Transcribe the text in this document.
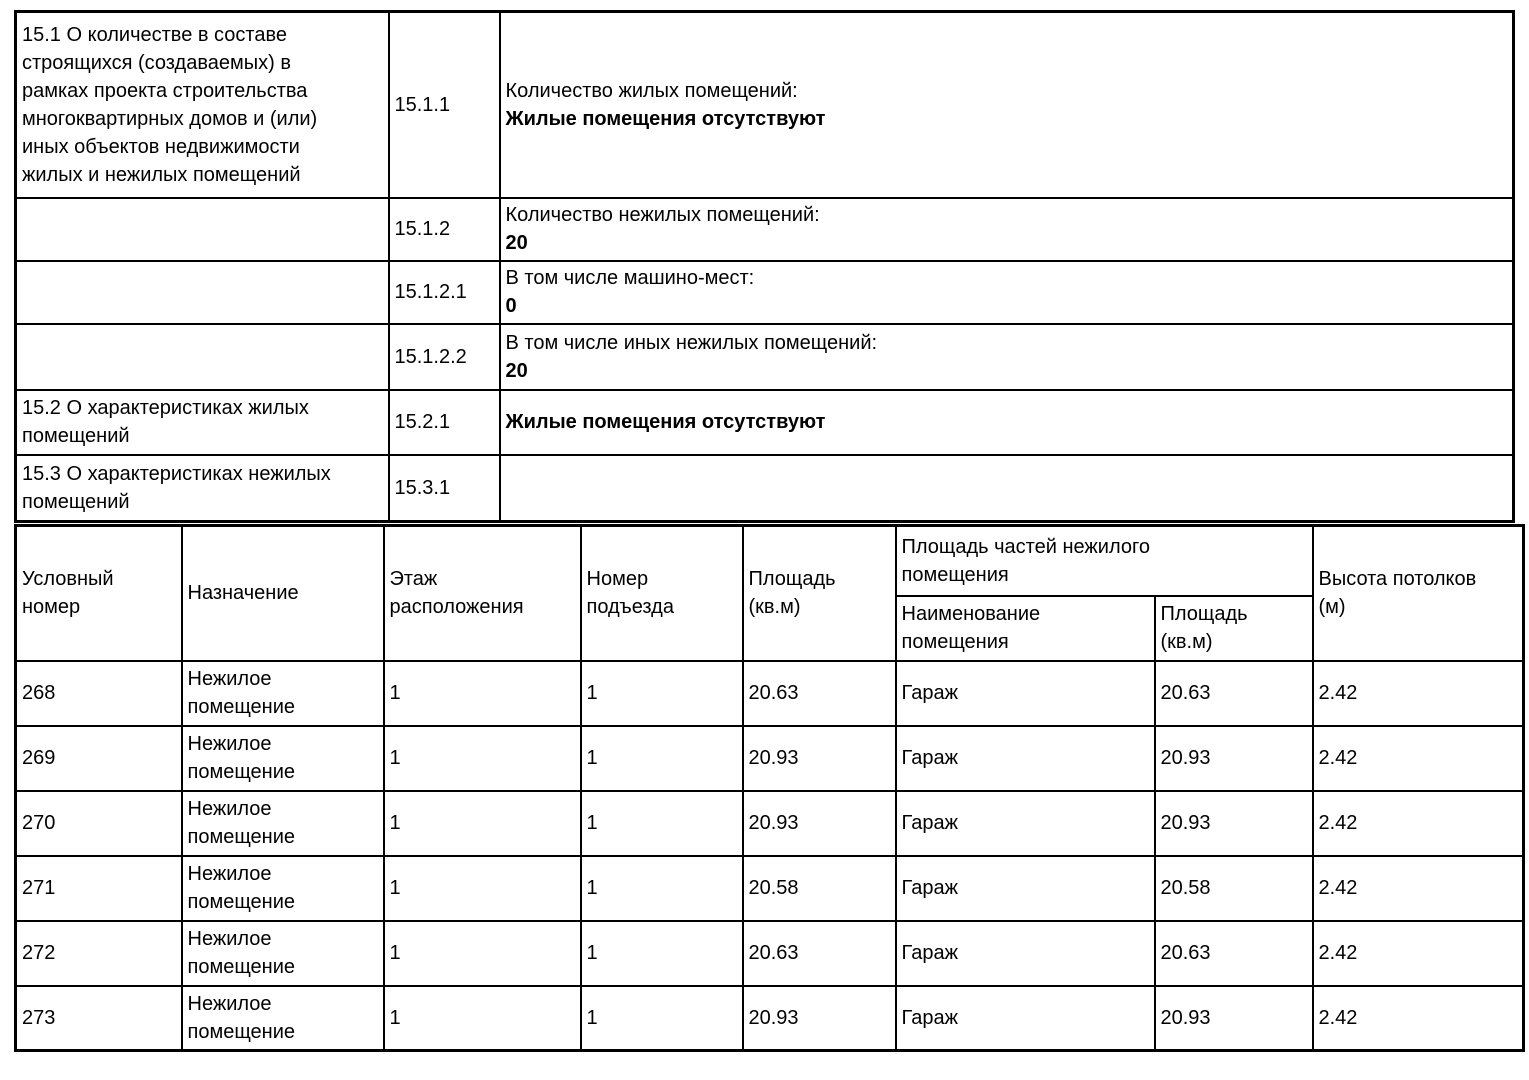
15.1 О количестве в составе строящихся (создаваемых) в рамках проекта строительства многоквартирных домов и (или) иных объектов недвижимости жилых и нежилых помещений	15.1.1	Количество жилых помещений:
Жилые помещения отсутствуют

	15.1.2	Количество нежилых помещений:
20

	15.1.2.1	В том числе машино-мест:
0

	15.1.2.2	В том числе иных нежилых помещений:
20

15.2 О характеристиках жилых помещений	15.2.1	Жилые помещения отсутствуют

15.3 О характеристиках нежилых помещений	15.3.1	
Условный номер	Назначение	Этаж расположения	Номер подъезда	Площадь (кв.м)	Площадь частей нежилого помещения		Высота потолков (м)

					Наименование помещения	Площадь (кв.м)	

268	Нежилое помещение	1	1	20.63	Гараж	20.63	2.42
269	Нежилое помещение	1	1	20.93	Гараж	20.93	2.42
270	Нежилое помещение	1	1	20.93	Гараж	20.93	2.42
271	Нежилое помещение	1	1	20.58	Гараж	20.58	2.42
272	Нежилое помещение	1	1	20.63	Гараж	20.63	2.42
273	Нежилое помещение	1	1	20.93	Гараж	20.93	2.42
